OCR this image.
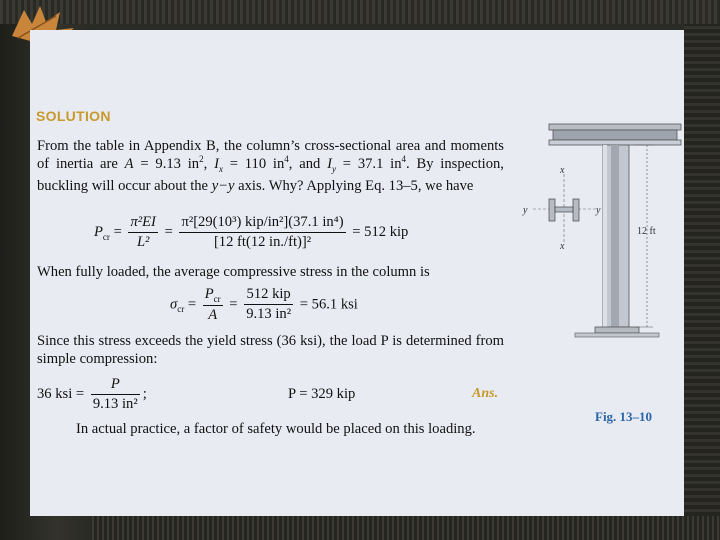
SOLUTION

From the table in Appendix B, the column’s cross-sectional area and moments of inertia are A = 9.13 $in^2$, $I_x = 110$ $in^4$, and $I_y = 37.1$ $in^4$. By inspection, buckling will occur about the y−y axis. Why? Applying Eq. 13–5, we have

$P_{cr} = \frac{\text{π²EI}}{\text{L²}} = \frac{\text{π²[29(10³) kip/in²](37.1 in⁴)}}{\text{[12 ft(12 in./ft)]²}} = 512$ kip

When fully loaded, the average compressive stress in the column is

$\sigma_{cr} = \frac{P_{cr}}{A} = \frac{\text{512 kip}}{\text{9.13 in²}} = 56.1$ ksi

Since this stress exceeds the yield stress (36 ksi), the load P is determined from simple compression:

36 ksi = $\frac{P}{\text{9.13 in²}}$ ;	P = 329 kip	Ans.

In actual practice, a factor of safety would be placed on this loading.

12 ft
x
x
y	y
Fig. 13–10
